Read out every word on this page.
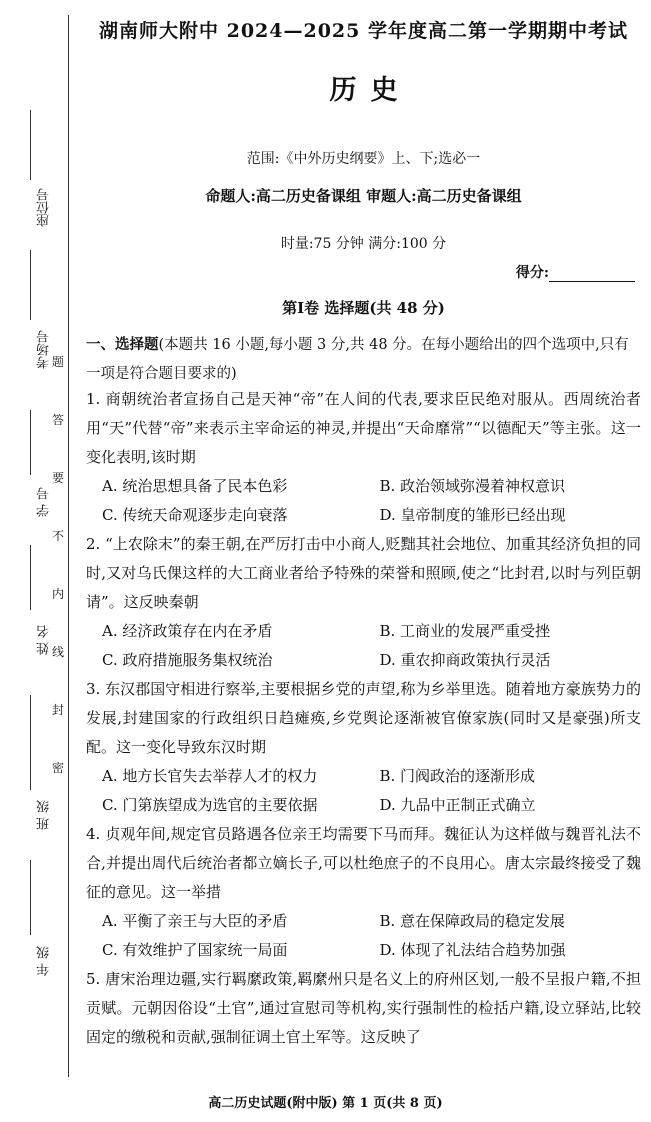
座位号
考场号
学 号
姓 名
班 级
年 级
题
答
要
不
内
线
封
密
湖南师大附中 2024—2025 学年度高二第一学期期中考试
历史
范围:《中外历史纲要》上、下;选必一
命题人:高二历史备课组 审题人:高二历史备课组
时量:75 分钟 满分:100 分
得分:
第Ⅰ卷 选择题(共 48 分)
一、选择题(本题共 16 小题,每小题 3 分,共 48 分。在每小题给出的四个选项中,只有一项是符合题目要求的)
1. 商朝统治者宣扬自己是天神“帝”在人间的代表,要求臣民绝对服从。西周统治者用“天”代替“帝”来表示主宰命运的神灵,并提出“天命靡常”“以德配天”等主张。这一变化表明,该时期
A. 统治思想具备了民本色彩	B. 政治领域弥漫着神权意识
C. 传统天命观逐步走向衰落	D. 皇帝制度的雏形已经出现
2. “上农除末”的秦王朝,在严厉打击中小商人,贬黜其社会地位、加重其经济负担的同时,又对乌氏倮这样的大工商业者给予特殊的荣誉和照顾,使之“比封君,以时与列臣朝请”。这反映秦朝
A. 经济政策存在内在矛盾	B. 工商业的发展严重受挫
C. 政府措施服务集权统治	D. 重农抑商政策执行灵活
3. 东汉郡国守相进行察举,主要根据乡党的声望,称为乡举里选。随着地方豪族势力的发展,封建国家的行政组织日趋瘫痪,乡党舆论逐渐被官僚家族(同时又是豪强)所支配。这一变化导致东汉时期
A. 地方长官失去举荐人才的权力	B. 门阀政治的逐渐形成
C. 门第族望成为选官的主要依据	D. 九品中正制正式确立
4. 贞观年间,规定官员路遇各位亲王均需要下马而拜。魏征认为这样做与魏晋礼法不合,并提出周代后统治者都立嫡长子,可以杜绝庶子的不良用心。唐太宗最终接受了魏征的意见。这一举措
A. 平衡了亲王与大臣的矛盾	B. 意在保障政局的稳定发展
C. 有效维护了国家统一局面	D. 体现了礼法结合趋势加强
5. 唐宋治理边疆,实行羁縻政策,羁縻州只是名义上的府州区划,一般不呈报户籍,不担贡赋。元朝因俗设“土官”,通过宣慰司等机构,实行强制性的检括户籍,设立驿站,比较固定的缴税和贡献,强制征调土官土军等。这反映了
高二历史试题(附中版) 第 1 页(共 8 页)
